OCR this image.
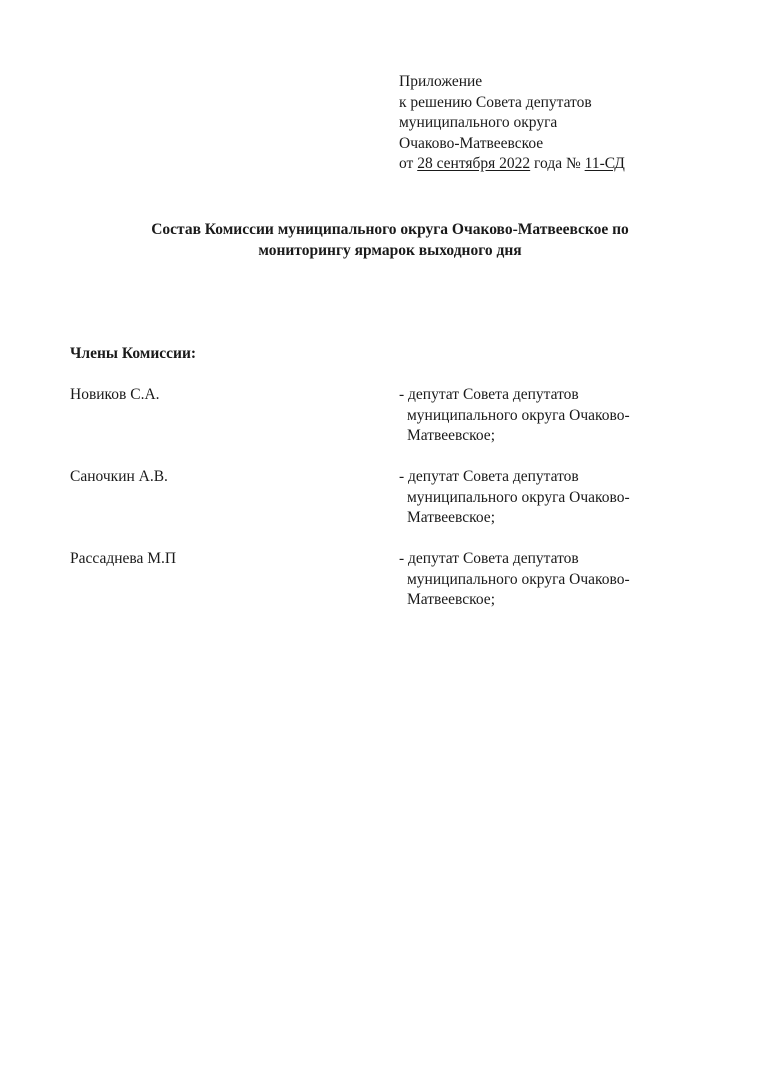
Приложение
к решению Совета депутатов
муниципального округа
Очаково-Матвеевское
от 28 сентября 2022 года № 11-СД
Состав Комиссии муниципального округа Очаково-Матвеевское по
мониторингу ярмарок выходного дня
Члены Комиссии:
Новиков С.А.	- депутат Совета депутатов
муниципального округа Очаково-
Матвеевское;
Саночкин А.В.	- депутат Совета депутатов
муниципального округа Очаково-
Матвеевское;
Рассаднева М.П	- депутат Совета депутатов
муниципального округа Очаково-
Матвеевское;
